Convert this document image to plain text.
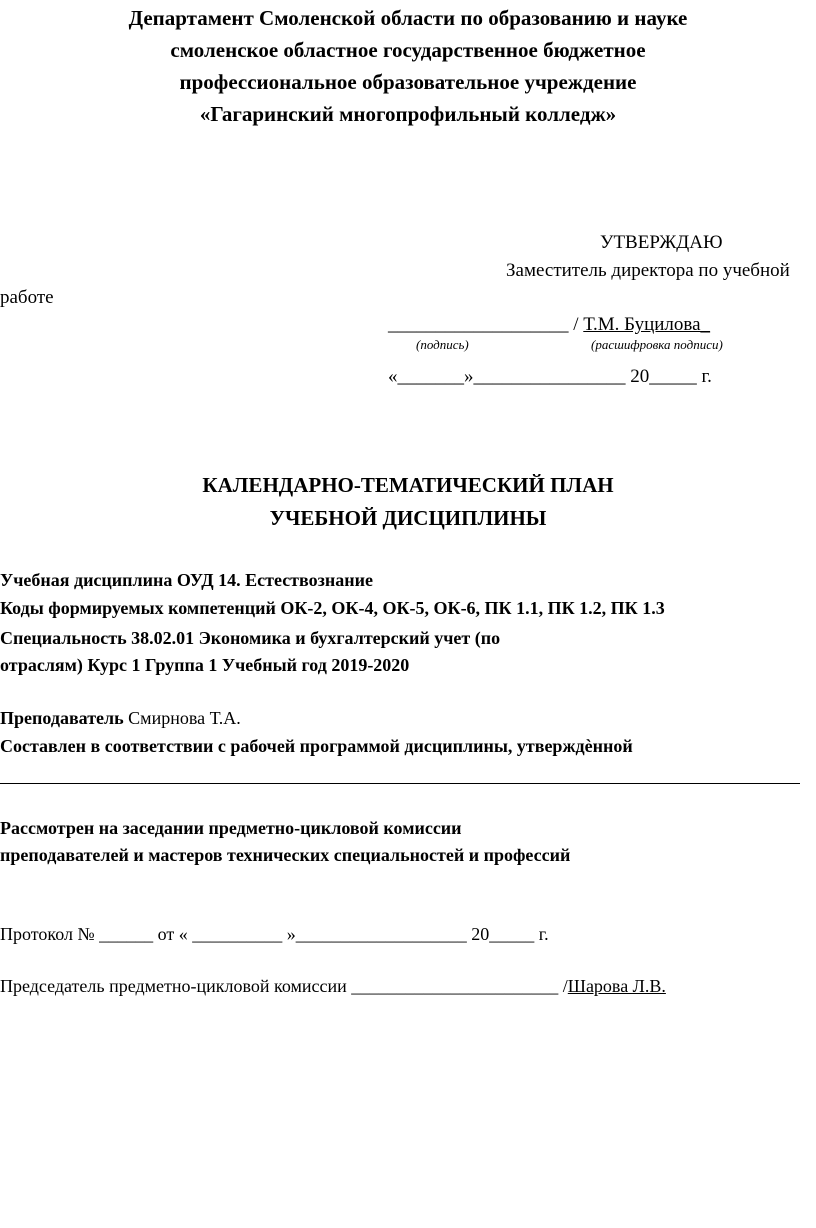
Департамент Смоленской области по образованию и науке
смоленское областное государственное бюджетное
профессиональное образовательное учреждение
«Гагаринский многопрофильный колледж»
УТВЕРЖДАЮ
Заместитель директора по учебной
работе
___________________ / Т.М. Буцилова_
(подпись)	(расшифровка подписи)
«_______»________________ 20_____ г.
КАЛЕНДАРНО-ТЕМАТИЧЕСКИЙ ПЛАН
УЧЕБНОЙ ДИСЦИПЛИНЫ
Учебная дисциплина ОУД 14. Естествознание
Коды формируемых компетенций ОК-2, ОК-4, ОК-5, ОК-6, ПК 1.1, ПК 1.2, ПК 1.3
Специальность 38.02.01 Экономика и бухгалтерский учет (по
отраслям) Курс 1 Группа 1 Учебный год 2019-2020
Преподаватель Смирнова Т.А.
Составлен в соответствии с рабочей программой дисциплины, утверждѐнной
Рассмотрен на заседании предметно-цикловой комиссии
преподавателей и мастеров технических специальностей и профессий
Протокол № ______ от « __________ »___________________ 20_____ г.
Председатель предметно-цикловой комиссии _______________________ /Шарова Л.В.
